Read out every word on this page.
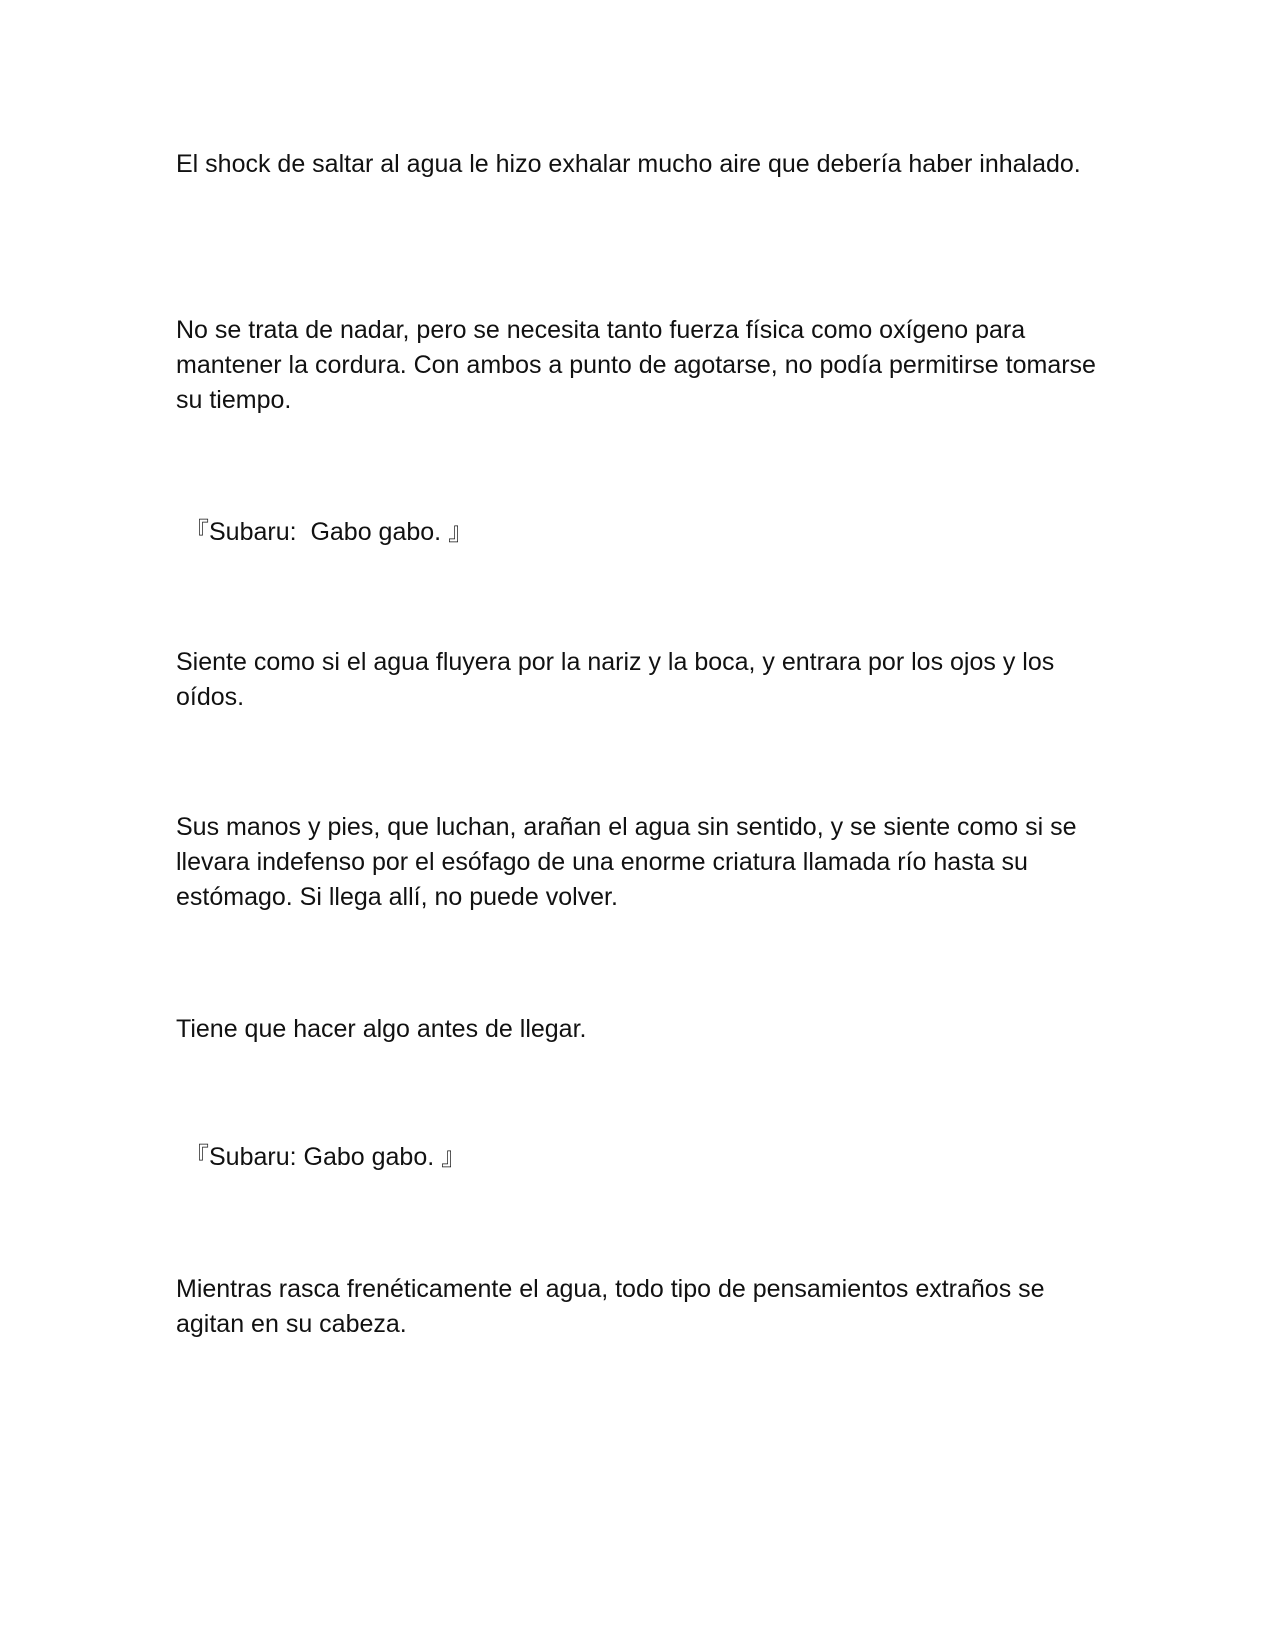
El shock de saltar al agua le hizo exhalar mucho aire que debería haber inhalado.

No se trata de nadar, pero se necesita tanto fuerza física como oxígeno para mantener la cordura. Con ambos a punto de agotarse, no podía permitirse tomarse su tiempo.

『Subaru:  Gabo gabo. 』

Siente como si el agua fluyera por la nariz y la boca, y entrara por los ojos y los oídos.

Sus manos y pies, que luchan, arañan el agua sin sentido, y se siente como si se llevara indefenso por el esófago de una enorme criatura llamada río hasta su estómago. Si llega allí, no puede volver.

Tiene que hacer algo antes de llegar.

『Subaru: Gabo gabo. 』

Mientras rasca frenéticamente el agua, todo tipo de pensamientos extraños se agitan en su cabeza.
